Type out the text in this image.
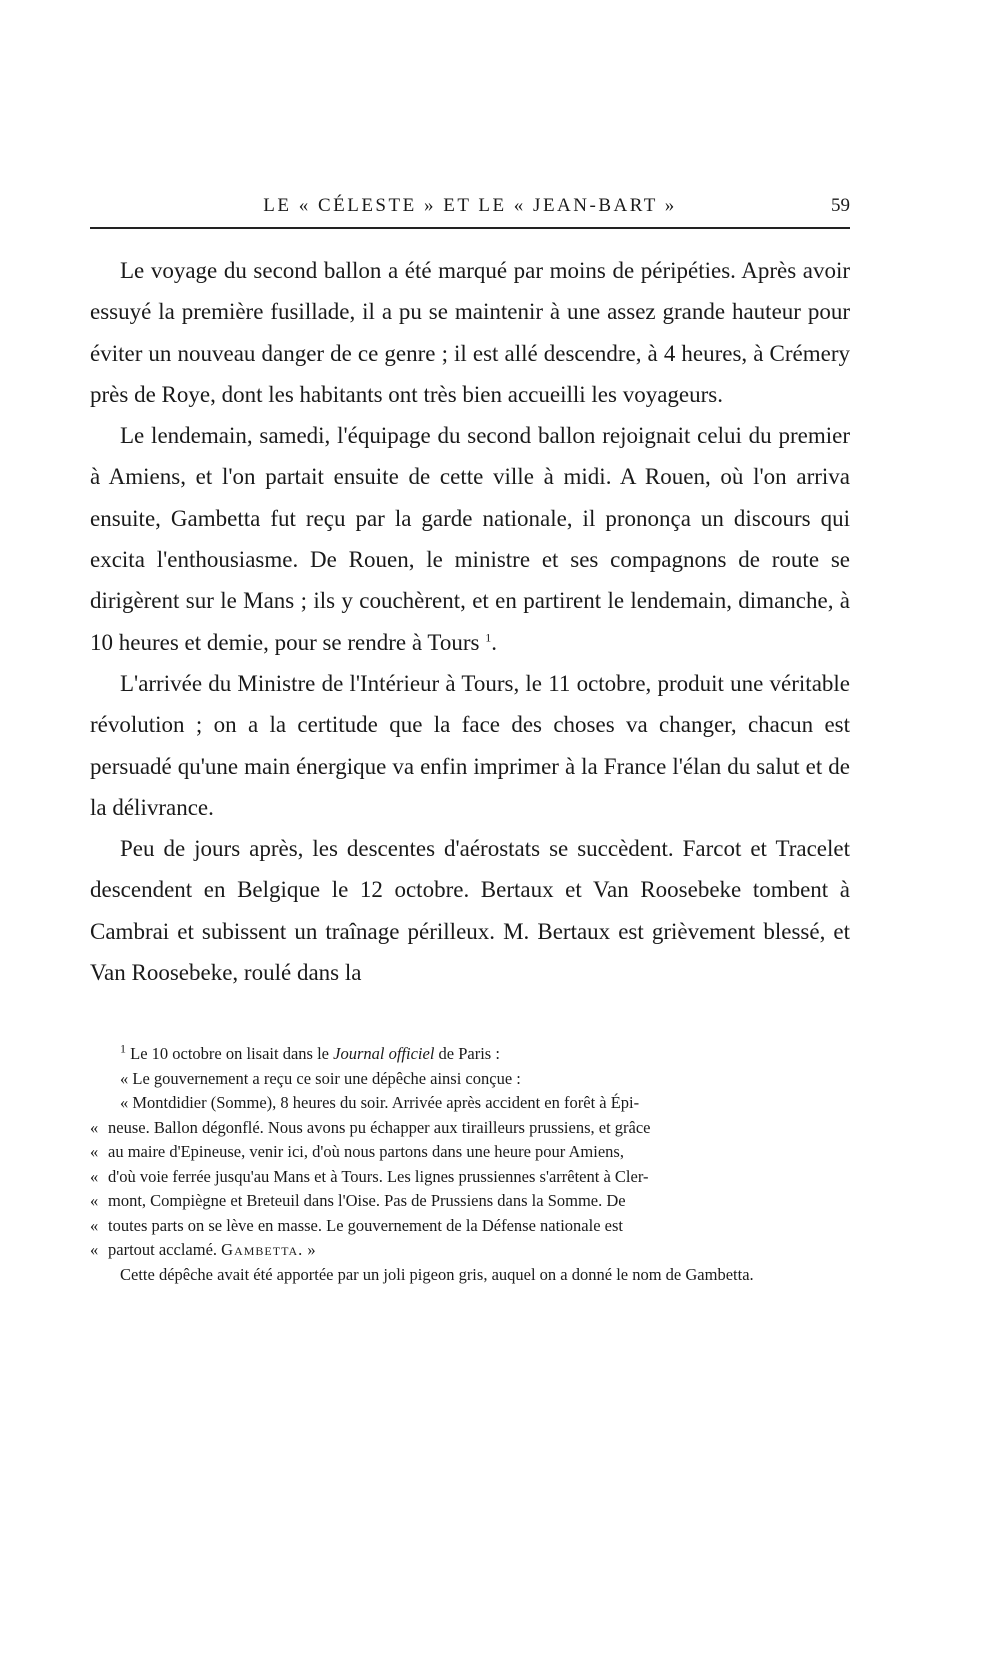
LE « CÉLESTE » ET LE « JEAN-BART »	59

Le voyage du second ballon a été marqué par moins de péripéties. Après avoir essuyé la première fusillade, il a pu se maintenir à une assez grande hauteur pour éviter un nouveau danger de ce genre ; il est allé descendre, à 4 heures, à Crémery près de Roye, dont les habitants ont très bien accueilli les voyageurs.

Le lendemain, samedi, l'équipage du second ballon rejoignait celui du premier à Amiens, et l'on partait ensuite de cette ville à midi. A Rouen, où l'on arriva ensuite, Gambetta fut reçu par la garde nationale, il prononça un discours qui excita l'enthousiasme. De Rouen, le ministre et ses compagnons de route se dirigèrent sur le Mans ; ils y couchèrent, et en partirent le lendemain, dimanche, à 10 heures et demie, pour se rendre à Tours $^1$.

L'arrivée du Ministre de l'Intérieur à Tours, le 11 octobre, produit une véritable révolution ; on a la certitude que la face des choses va changer, chacun est persuadé qu'une main énergique va enfin imprimer à la France l'élan du salut et de la délivrance.

Peu de jours après, les descentes d'aérostats se succèdent. Farcot et Tracelet descendent en Belgique le 12 octobre. Bertaux et Van Roosebeke tombent à Cambrai et subissent un traînage périlleux. M. Bertaux est grièvement blessé, et Van Roosebeke, roulé dans la

$^1$ Le 10 octobre on lisait dans le Journal officiel de Paris :

« Le gouvernement a reçu ce soir une dépêche ainsi conçue :

« Montdidier (Somme), 8 heures du soir. Arrivée après accident en forêt à Épi-

« neuse. Ballon dégonflé. Nous avons pu échapper aux tirailleurs prussiens, et grâce

« au maire d'Epineuse, venir ici, d'où nous partons dans une heure pour Amiens,

« d'où voie ferrée jusqu'au Mans et à Tours. Les lignes prussiennes s'arrêtent à Cler-

« mont, Compiègne et Breteuil dans l'Oise. Pas de Prussiens dans la Somme. De

« toutes parts on se lève en masse. Le gouvernement de la Défense nationale est

« partout acclamé. Gambetta. »

Cette dépêche avait été apportée par un joli pigeon gris, auquel on a donné le nom de Gambetta.
